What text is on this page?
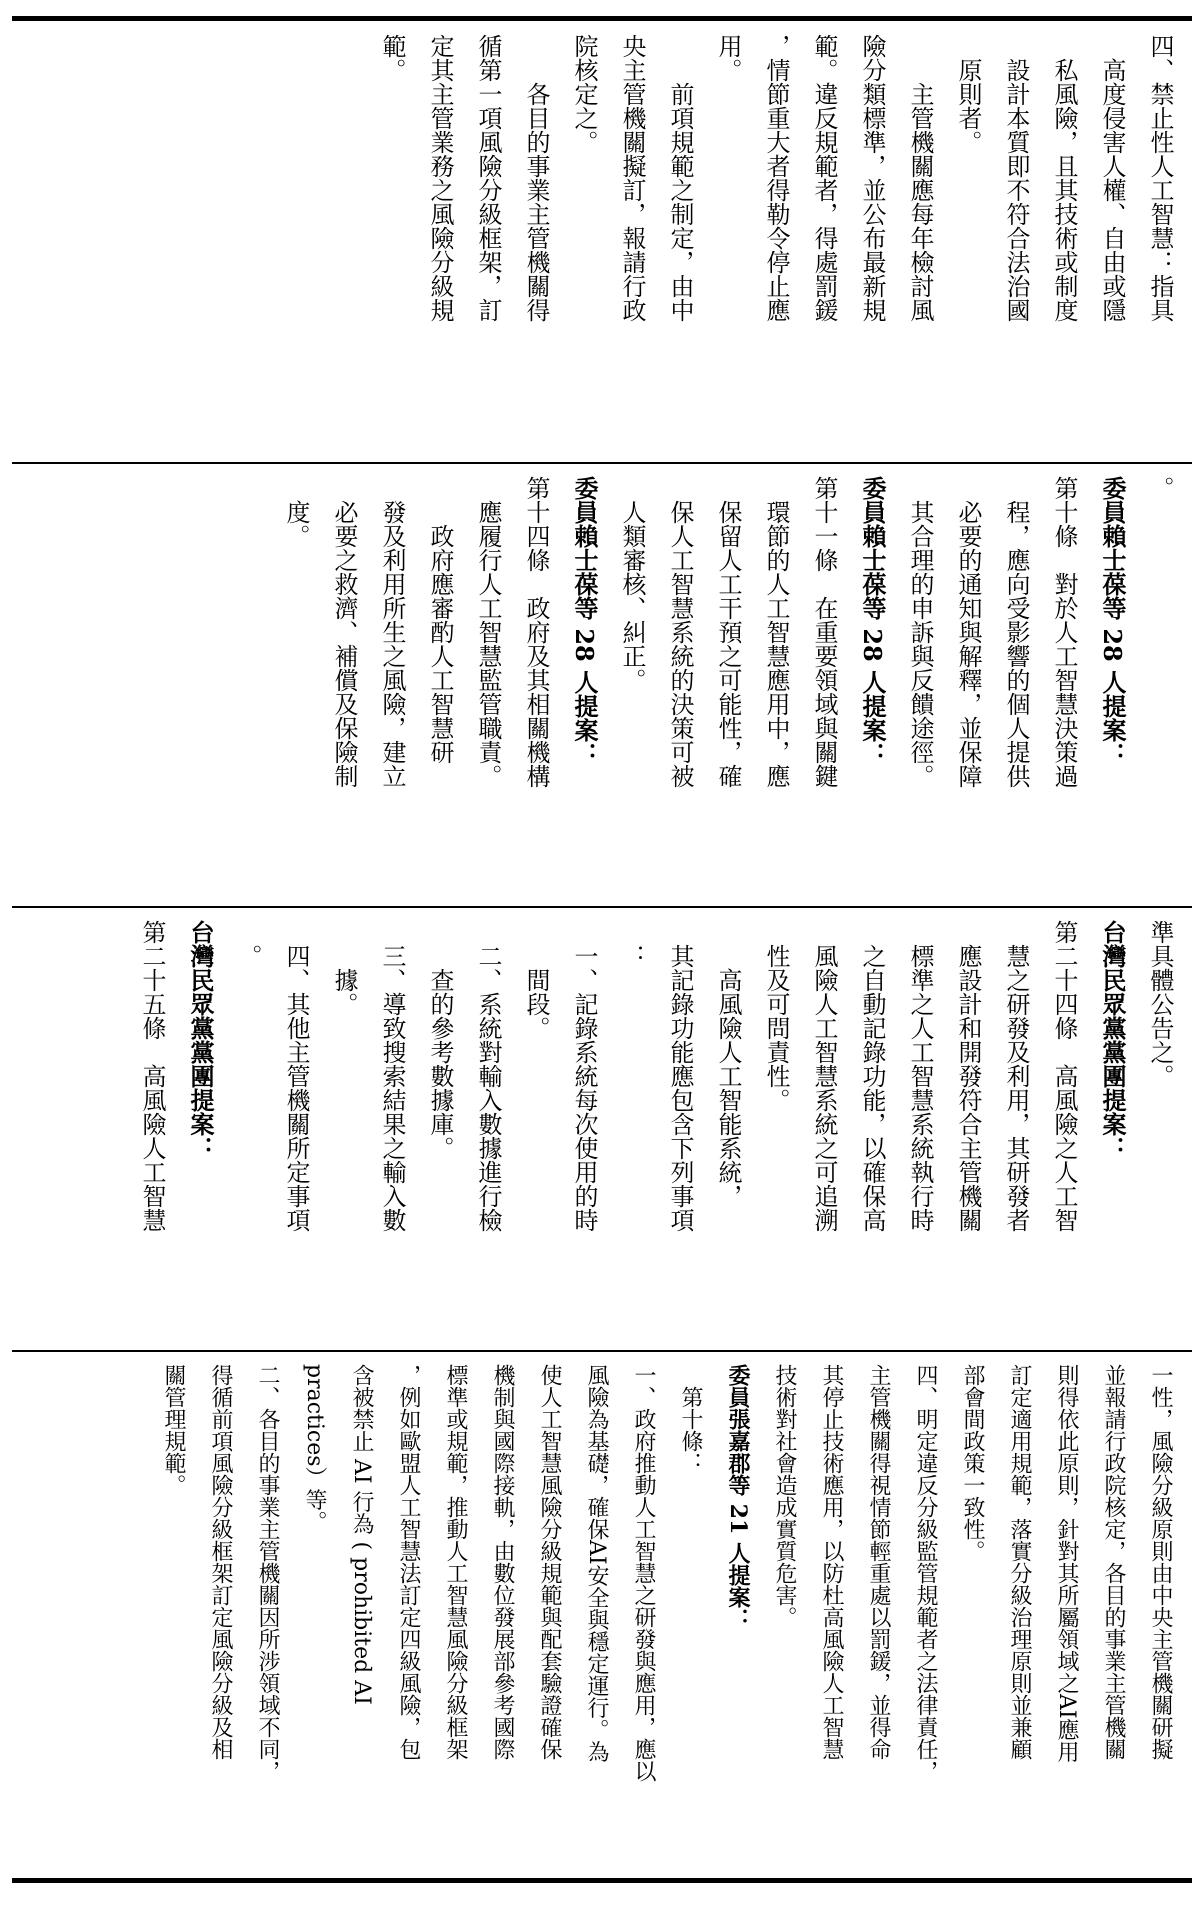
四、禁止性人工智慧：指具
　高度侵害人權、自由或隱
　私風險，且其技術或制度
　設計本質即不符合法治國
　原則者。
　　主管機關應每年檢討風
險分類標準，並公布最新規
範。違反規範者，得處罰鍰
，情節重大者得勒令停止應
用。
　　前項規範之制定，由中
央主管機關擬訂，報請行政
院核定之。
　　各目的事業主管機關得
循第一項風險分級框架，訂
定其主管業務之風險分級規
範。
。
委員賴士葆等 28 人提案：
第十條　對於人工智慧決策過
　程，應向受影響的個人提供
　必要的通知與解釋，並保障
　其合理的申訴與反饋途徑。
委員賴士葆等 28 人提案：
第十一條　在重要領域與關鍵
　環節的人工智慧應用中，應
　保留人工干預之可能性，確
　保人工智慧系統的決策可被
　人類審核、糾正。
委員賴士葆等 28 人提案：
第十四條　政府及其相關機構
　應履行人工智慧監管職責。
　　政府應審酌人工智慧研
　發及利用所生之風險，建立
　必要之救濟、補償及保險制
　度。
準具體公告之。
台灣民眾黨黨團提案：
第二十四條　高風險之人工智
　慧之研發及利用，其研發者
　應設計和開發符合主管機關
　標準之人工智慧系統執行時
　之自動記錄功能，以確保高
　風險人工智慧系統之可追溯
　性及可問責性。
　　高風險人工智能系統，
　其記錄功能應包含下列事項
　：
　一、記錄系統每次使用的時
　　間段。
　二、系統對輸入數據進行檢
　　查的參考數據庫。
　三、導致搜索結果之輸入數
　　據。
　四、其他主管機關所定事項
　。
台灣民眾黨黨團提案：
第二十五條　高風險人工智慧
一性，風險分級原則由中央主管機關研擬
並報請行政院核定，各目的事業主管機關
則得依此原則，針對其所屬領域之AI應用
訂定適用規範，落實分級治理原則並兼顧
部會間政策一致性。
四、明定違反分級監管規範者之法律責任，
主管機關得視情節輕重處以罰鍰，並得命
其停止技術應用，以防杜高風險人工智慧
技術對社會造成實質危害。
委員張嘉郡等 21 人提案：
　第十條：
一、政府推動人工智慧之研發與應用，應以
風險為基礎，確保AI安全與穩定運行。為
使人工智慧風險分級規範與配套驗證確保
機制與國際接軌，由數位發展部參考國際
標準或規範，推動人工智慧風險分級框架
，例如歐盟人工智慧法訂定四級風險，包
含被禁止 AI 行為 ( prohibited AI
practices）等。
二、各目的事業主管機關因所涉領域不同，
得循前項風險分級框架訂定風險分級及相
關管理規範。
